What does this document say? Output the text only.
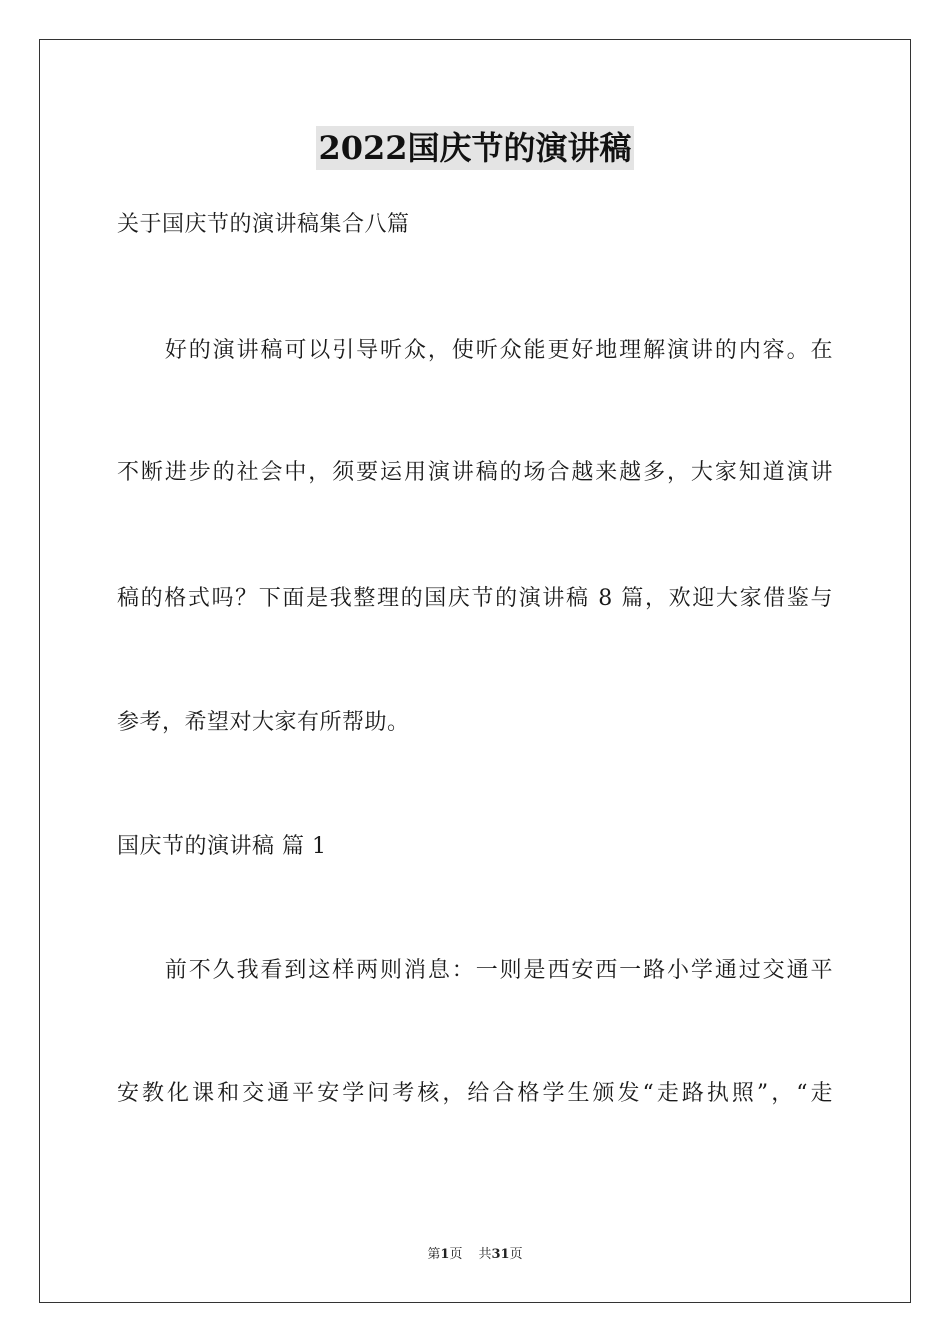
2022国庆节的演讲稿
关于国庆节的演讲稿集合八篇
　　好的演讲稿可以引导听众，使听众能更好地理解演讲的内容。在
不断进步的社会中，须要运用演讲稿的场合越来越多，大家知道演讲
稿的格式吗？下面是我整理的国庆节的演讲稿 8 篇，欢迎大家借鉴与
参考，希望对大家有所帮助。
国庆节的演讲稿 篇 1
　　前不久我看到这样两则消息：一则是西安西一路小学通过交通平
安教化课和交通平安学问考核，给合格学生颁发“走路执照”，“走
第1页 共31页
